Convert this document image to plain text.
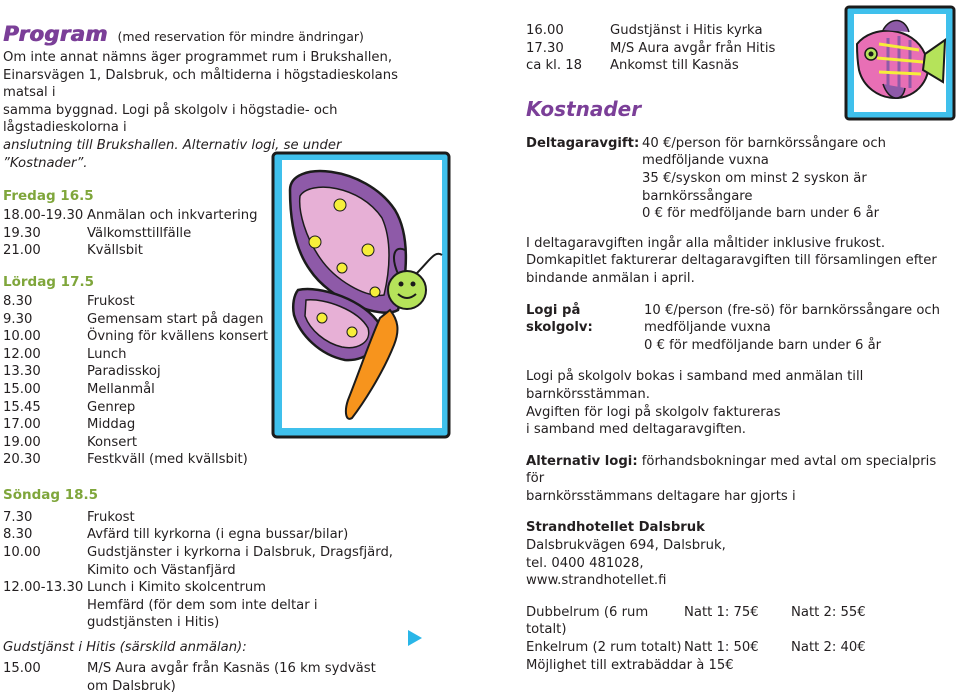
Program (med reservation för mindre ändringar)
Om inte annat nämns äger programmet rum i Brukshallen,
Einarsvägen 1, Dalsbruk, och måltiderna i högstadieskolans matsal i
samma byggnad. Logi på skolgolv i högstadie- och lågstadieskolorna i
anslutning till Brukshallen. Alternativ logi, se under ”Kostnader”.
Fredag 16.5
18.00-19.30 Anmälan och inkvartering
19.30	Välkomsttillfälle
21.00	Kvällsbit
Lördag 17.5
8.30	Frukost
9.30	Gemensam start på dagen
10.00	Övning för kvällens konsert
12.00	Lunch
13.30	Paradisskoj
15.00	Mellanmål
15.45	Genrep
17.00	Middag
19.00	Konsert
20.30	Festkväll (med kvällsbit)
Söndag 18.5
7.30	Frukost
8.30	Avfärd till kyrkorna (i egna bussar/bilar)
10.00	Gudstjänster i kyrkorna i Dalsbruk, Dragsfjärd, Kimito och Västanfjärd
12.00-13.30 Lunch i Kimito skolcentrum
Hemfärd (för dem som inte deltar i gudstjänsten i Hitis)
Gudstjänst i Hitis (särskild anmälan):
15.00	M/S Aura avgår från Kasnäs (16 km sydväst om Dalsbruk)
16.00	Gudstjänst i Hitis kyrka
17.30	M/S Aura avgår från Hitis
ca kl. 18	Ankomst till Kasnäs
Kostnader
Deltagaravgift: 40 €/person för barnkörssångare och
medföljande vuxna
35 €/syskon om minst 2 syskon är
barnkörssångare
0 € för medföljande barn under 6 år
I deltagaravgiften ingår alla måltider inklusive frukost.
Domkapitlet fakturerar deltagaravgiften till församlingen efter
bindande anmälan i april.
Logi på skolgolv:
10 €/person (fre-sö) för barnkörssångare och
medföljande vuxna
0 € för medföljande barn under 6 år
Logi på skolgolv bokas i samband med anmälan till
barnkörsstämman.
Avgiften för logi på skolgolv faktureras
i samband med deltagaravgiften.
Alternativ logi: förhandsbokningar med avtal om specialpris för
barnkörsstämmans deltagare har gjorts i
Strandhotellet Dalsbruk
Dalsbrukvägen 694, Dalsbruk,
tel. 0400 481028,
www.strandhotellet.fi
Dubbelrum (6 rum totalt)
Natt 1: 75€	Natt 2: 55€
Enkelrum (2 rum totalt) Natt 1: 50€	Natt 2: 40€
Möjlighet till extrabäddar à 15€
